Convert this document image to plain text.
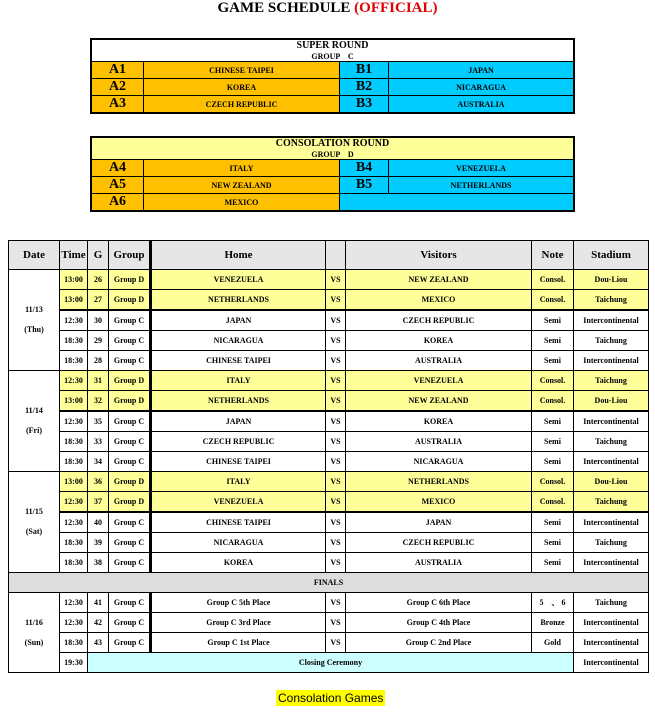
GAME SCHEDULE (OFFICIAL)
SUPER ROUND
GROUP　C
A1	CHINESE TAIPEI	B1	JAPAN
A2	KOREA	B2	NICARAGUA
A3	CZECH REPUBLIC	B3	AUSTRALIA
CONSOLATION ROUND
GROUP　D
A4	ITALY	B4	VENEZUELA
A5	NEW ZEALAND	B5	NETHERLANDS
A6	MEXICO
Date	Time	G	Group	Home		Visitors	Note	Stadium

11/13
(Thu)	13:00	26	Group D	VENEZUELA	VS	NEW ZEALAND	Consol.	Dou-Liou
	13:00	27	Group D	NETHERLANDS	VS	MEXICO	Consol.	Taichung
	12:30	30	Group C	JAPAN	VS	CZECH REPUBLIC	Semi	Intercontinental
	18:30	29	Group C	NICARAGUA	VS	KOREA	Semi	Taichung
	18:30	28	Group C	CHINESE TAIPEI	VS	AUSTRALIA	Semi	Intercontinental

11/14
(Fri)	12:30	31	Group D	ITALY	VS	VENEZUELA	Consol.	Taichung
	13:00	32	Group D	NETHERLANDS	VS	NEW ZEALAND	Consol.	Dou-Liou
	12:30	35	Group C	JAPAN	VS	KOREA	Semi	Intercontinental
	18:30	33	Group C	CZECH REPUBLIC	VS	AUSTRALIA	Semi	Taichung
	18:30	34	Group C	CHINESE TAIPEI	VS	NICARAGUA	Semi	Intercontinental

11/15
(Sat)	13:00	36	Group D	ITALY	VS	NETHERLANDS	Consol.	Dou-Liou
	12:30	37	Group D	VENEZUELA	VS	MEXICO	Consol.	Taichung
	12:30	40	Group C	CHINESE TAIPEI	VS	JAPAN	Semi	Intercontinental
	18:30	39	Group C	NICARAGUA	VS	CZECH REPUBLIC	Semi	Taichung
	18:30	38	Group C	KOREA	VS	AUSTRALIA	Semi	Intercontinental
FINALS								

11/16
(Sun)	12:30	41	Group C	Group C 5th Place	VS	Group C 6th Place	5　、 6	Taichung
	12:30	42	Group C	Group C 3rd Place	VS	Group C 4th Place	Bronze	Intercontinental
	18:30	43	Group C	Group C 1st Place	VS	Group C 2nd Place	Gold	Intercontinental
	19:30	Closing Ceremony						Intercontinental
Consolation Games
